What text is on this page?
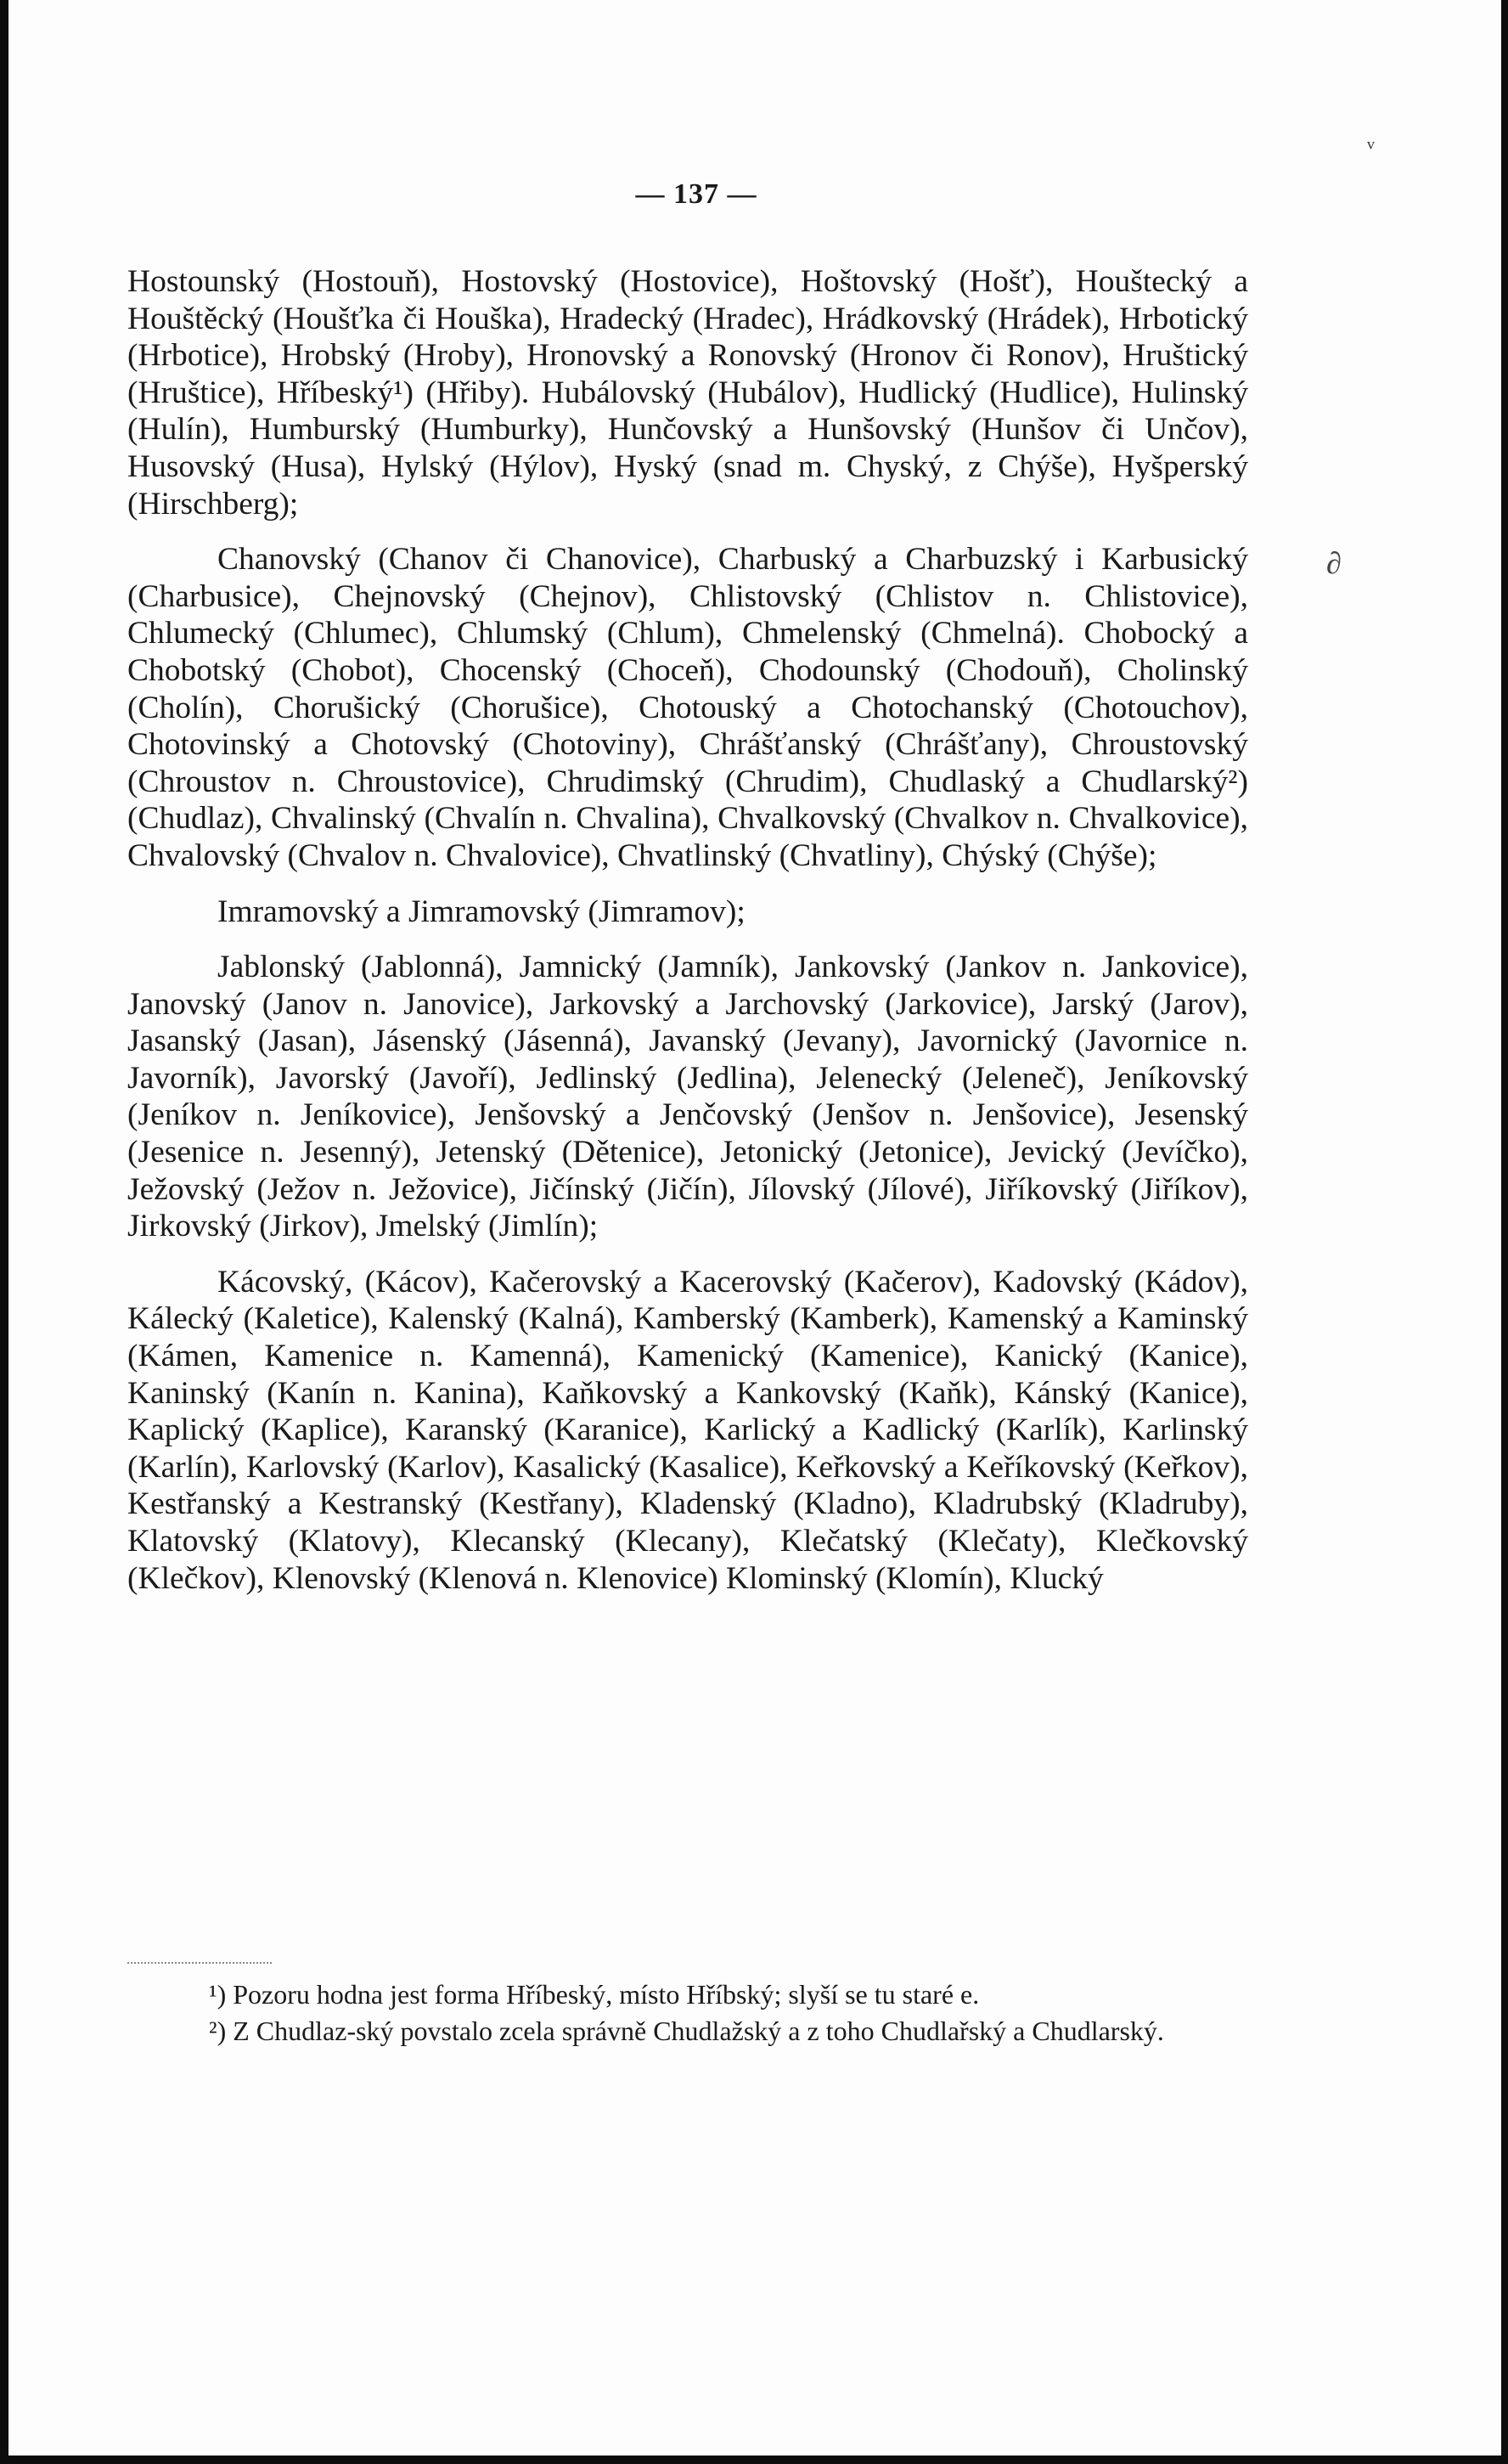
ᵛ
— 137 —
∂

Hostounský (Hostouň), Hostovský (Hostovice), Hoštovský (Hošť), Houštecký a Houštěcký (Houšťka či Houška), Hradecký (Hradec), Hrádkovský (Hrádek), Hrbotický (Hrbotice), Hrobský (Hroby), Hronovský a Ronovský (Hronov či Ronov), Hruštický (Hruštice), Hříbeský¹) (Hřiby). Hubálovský (Hubálov), Hudlický (Hudlice), Hulinský (Hulín), Humburský (Humburky), Hunčovský a Hunšovský (Hunšov či Unčov), Husovský (Husa), Hylský (Hýlov), Hyský (snad m. Chyský, z Chýše), Hyšperský (Hirschberg);

Chanovský (Chanov či Chanovice), Charbuský a Charbuzský i Karbusický (Charbusice), Chejnovský (Chejnov), Chlistovský (Chlistov n. Chlistovice), Chlumecký (Chlumec), Chlumský (Chlum), Chmelenský (Chmelná). Chobocký a Chobotský (Chobot), Chocenský (Choceň), Chodounský (Chodouň), Cholinský (Cholín), Chorušický (Chorušice), Chotouský a Chotochanský (Chotouchov), Chotovinský a Chotovský (Chotoviny), Chrášťanský (Chrášťany), Chroustovský (Chroustov n. Chroustovice), Chrudimský (Chrudim), Chudlaský a Chudlarský²) (Chudlaz), Chvalinský (Chvalín n. Chvalina), Chvalkovský (Chvalkov n. Chvalkovice), Chvalovský (Chvalov n. Chvalovice), Chvatlinský (Chvatliny), Chýský (Chýše);

Imramovský a Jimramovský (Jimramov);

Jablonský (Jablonná), Jamnický (Jamník), Jankovský (Jankov n. Jankovice), Janovský (Janov n. Janovice), Jarkovský a Jarchovský (Jarkovice), Jarský (Jarov), Jasanský (Jasan), Jásenský (Jásenná), Javanský (Jevany), Javornický (Javornice n. Javorník), Javorský (Javoří), Jedlinský (Jedlina), Jelenecký (Jeleneč), Jeníkovský (Jeníkov n. Jeníkovice), Jenšovský a Jenčovský (Jenšov n. Jenšovice), Jesenský (Jesenice n. Jesenný), Jetenský (Dětenice), Jetonický (Jetonice), Jevický (Jevíčko), Ježovský (Ježov n. Ježovice), Jičínský (Jičín), Jílovský (Jílové), Jiříkovský (Jiříkov), Jirkovský (Jirkov), Jmelský (Jimlín);

Kácovský, (Kácov), Kačerovský a Kacerovský (Kačerov), Kadovský (Kádov), Kálecký (Kaletice), Kalenský (Kalná), Kamberský (Kamberk), Kamenský a Kaminský (Kámen, Kamenice n. Kamenná), Kamenický (Kamenice), Kanický (Kanice), Kaninský (Kanín n. Kanina), Kaňkovský a Kankovský (Kaňk), Kánský (Kanice), Kaplický (Kaplice), Karanský (Karanice), Karlický a Kadlický (Karlík), Karlinský (Karlín), Karlovský (Karlov), Kasalický (Kasalice), Keřkovský a Keříkovský (Keřkov), Kestřanský a Kestranský (Kestřany), Kladenský (Kladno), Kladrubský (Kladruby), Klatovský (Klatovy), Klecanský (Klecany), Klečatský (Klečaty), Klečkovský (Klečkov), Klenovský (Klenová n. Klenovice) Klominský (Klomín), Klucký

¹) Pozoru hodna jest forma Hříbeský, místo Hříbský; slyší se tu staré e.

²) Z Chudlaz-ský povstalo zcela správně Chudlažský a z toho Chudlařský a Chudlarský.
